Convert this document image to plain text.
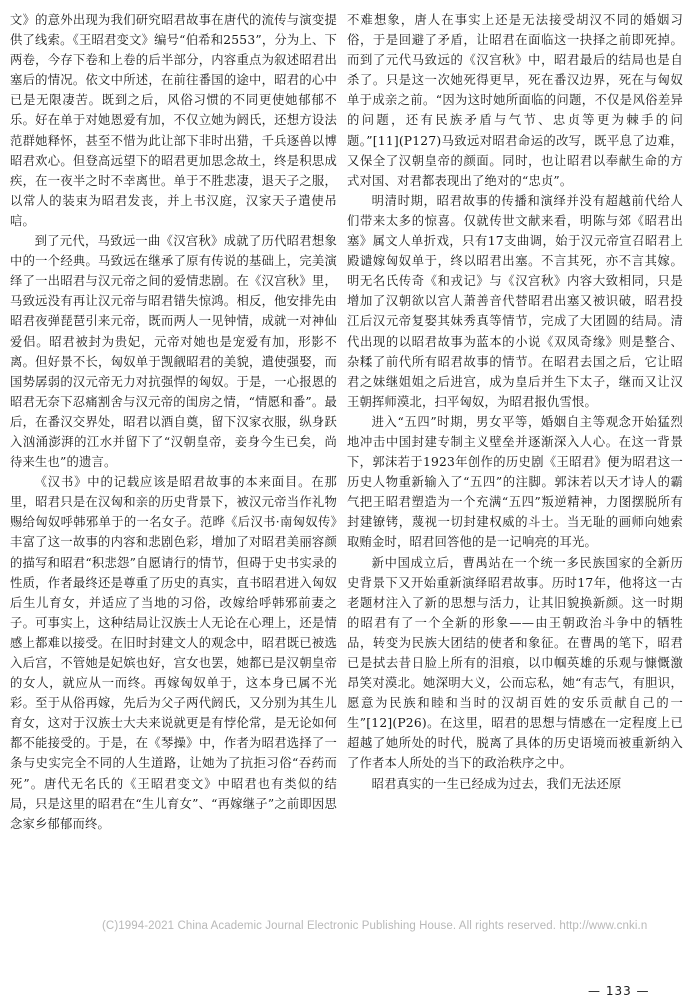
文》的意外出现为我们研究昭君故事在唐代的流传与演变提供了线索。《王昭君变文》编号“伯希和2553”，分为上、下两卷，今存下卷和上卷的后半部分，内容重点为叙述昭君出塞后的情况。依文中所述，在前往番国的途中，昭君的心中已是无限凄苦。既到之后，风俗习惯的不同更使她郁郁不乐。好在单于对她恩爱有加，不仅立她为阏氏，还想方设法范群她释怀，甚至不惜为此让部下非时出猎，千兵逐兽以博昭君欢心。但登高远望下的昭君更加思念故土，终是积思成疾，在一夜半之时不幸离世。单于不胜悲凄，退天子之服，以常人的装束为昭君发丧，并上书汉庭，汉家天子遣使吊唁。

到了元代，马致远一曲《汉宫秋》成就了历代昭君想象中的一个经典。马致远在继承了原有传说的基础上，完美演绎了一出昭君与汉元帝之间的爱情悲剧。在《汉宫秋》里，马致远没有再让汉元帝与昭君错失惊鸿。相反，他安排先由昭君夜弹琵琶引来元帝，既而两人一见钟情，成就一对神仙爱侣。昭君被封为贵妃，元帝对她也是宠爱有加，形影不离。但好景不长，匈奴单于觊觎昭君的美貌，遣使强娶，而国势孱弱的汉元帝无力对抗强悍的匈奴。于是，一心报恩的昭君无奈下忍痛割舍与汉元帝的闺房之情，“情愿和番”。最后，在番汉交界处，昭君以酒自奠，留下汉家衣服，纵身跃入汹涌澎湃的江水并留下了“汉朝皇帝，妾身今生已矣，尚待来生也”的遗言。

《汉书》中的记载应该是昭君故事的本来面目。在那里，昭君只是在汉匈和亲的历史背景下，被汉元帝当作礼物赐给匈奴呼韩邪单于的一名女子。范晔《后汉书·南匈奴传》丰富了这一故事的内容和悲剧色彩，增加了对昭君美丽容颜的描写和昭君“积悲怨”自愿请行的情节，但碍于史书实录的性质，作者最终还是尊重了历史的真实，直书昭君进入匈奴后生儿育女，并适应了当地的习俗，改嫁给呼韩邪前妻之子。可事实上，这种结局让汉族士人无论在心理上，还是情感上都难以接受。在旧时封建文人的观念中，昭君既已被选入后宫，不管她是妃嫔也好，宫女也罢，她都已是汉朝皇帝的女人，就应从一而终。再嫁匈奴单于，这本身已属不光彩。至于从俗再嫁，先后为父子两代阏氏，又分别为其生儿育女，这对于汉族士大夫来说就更是有悖伦常，是无论如何都不能接受的。于是，在《琴操》中，作者为昭君选择了一条与史实完全不同的人生道路，让她为了抗拒习俗“吞药而死”。唐代无名氏的《王昭君变文》中昭君也有类似的结局，只是这里的昭君在“生儿育女”、“再嫁继子”之前即因思念家乡郁郁而终。

不难想象，唐人在事实上还是无法接受胡汉不同的婚姻习俗，于是回避了矛盾，让昭君在面临这一抉择之前即死掉。而到了元代马致远的《汉宫秋》中，昭君最后的结局也是自杀了。只是这一次她死得更早，死在番汉边界，死在与匈奴单于成亲之前。“因为这时她所面临的问题，不仅是风俗差异的问题，还有民族矛盾与气节、忠贞等更为棘手的问题。”[11](P127)马致远对昭君命运的改写，既平息了边难，又保全了汉朝皇帝的颜面。同时，也让昭君以奉献生命的方式对国、对君都表现出了绝对的“忠贞”。

明清时期，昭君故事的传播和演绎并没有超越前代给人们带来太多的惊喜。仅就传世文献来看，明陈与郊《昭君出塞》属文人单折戏，只有17支曲调，始于汉元帝宣召昭君上殿谴嫁匈奴单于，终以昭君出塞。不言其死，亦不言其嫁。明无名氏传奇《和戎记》与《汉宫秋》内容大致相同，只是增加了汉朝欲以宫人萧善音代替昭君出塞又被识破，昭君投江后汉元帝复娶其妹秀真等情节，完成了大团圆的结局。清代出现的以昭君故事为蓝本的小说《双凤奇缘》则是整合、杂糅了前代所有昭君故事的情节。在昭君去国之后，它让昭君之妹继姐姐之后进宫，成为皇后并生下太子，继而又让汉王朝挥师漠北，扫平匈奴，为昭君报仇雪恨。

进入“五四”时期，男女平等，婚姻自主等观念开始猛烈地冲击中国封建专制主义壁垒并逐渐深入人心。在这一背景下，郭沫若于1923年创作的历史剧《王昭君》便为昭君这一历史人物重新输入了“五四”的注脚。郭沫若以天才诗人的霸气把王昭君塑造为一个充满“五四”叛逆精神，力图摆脱所有封建镣铐，蔑视一切封建权威的斗士。当无耻的画师向她索取贿金时，昭君回答他的是一记响亮的耳光。

新中国成立后，曹禺站在一个统一多民族国家的全新历史背景下又开始重新演绎昭君故事。历时17年，他将这一古老题材注入了新的思想与活力，让其旧貌换新颜。这一时期的昭君有了一个全新的形象——由王朝政治斗争中的牺牲品，转变为民族大团结的使者和象征。在曹禺的笔下，昭君已是拭去昔日脸上所有的泪痕，以巾帼英雄的乐观与慷慨激昂笑对漠北。她深明大义，公而忘私，她“有志气，有胆识，愿意为民族和睦和当时的汉胡百姓的安乐贡献自己的一生”[12](P26)。在这里，昭君的思想与情感在一定程度上已超越了她所处的时代，脱离了具体的历史语境而被重新纳入了作者本人所处的当下的政治秩序之中。

昭君真实的一生已经成为过去，我们无法还原

(C)1994-2021 China Academic Journal Electronic Publishing House. All rights reserved. http://www.cnki.n
— 133 —
